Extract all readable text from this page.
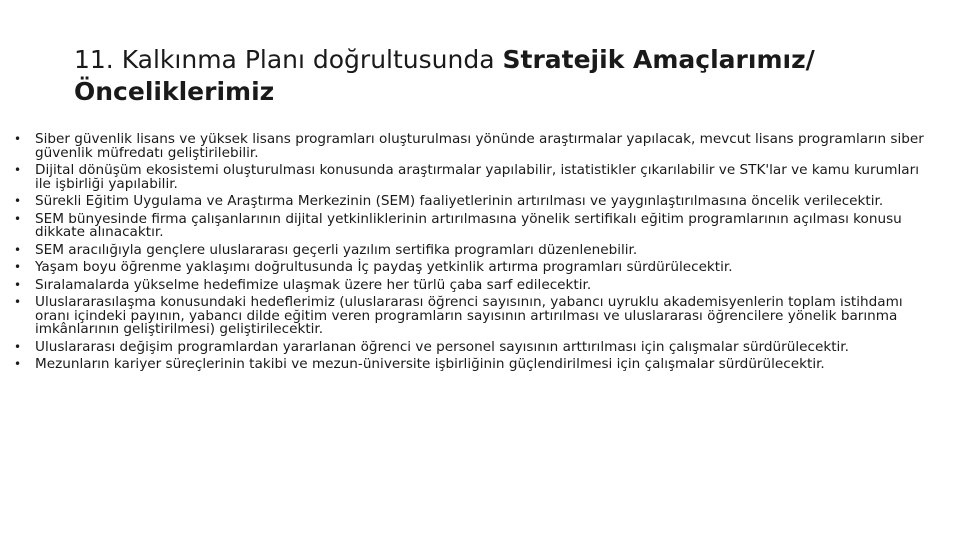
11. Kalkınma Planı doğrultusunda Stratejik Amaçlarımız/Önceliklerimiz
• Siber güvenlik lisans ve yüksek lisans programları oluşturulması yönünde araştırmalar yapılacak, mevcut lisans programların siber güvenlik müfredatı geliştirilebilir.
• Dijital dönüşüm ekosistemi oluşturulması konusunda araştırmalar yapılabilir, istatistikler çıkarılabilir ve STK'lar ve kamu kurumları ile işbirliği yapılabilir.
• Sürekli Eğitim Uygulama ve Araştırma Merkezinin (SEM) faaliyetlerinin artırılması ve yaygınlaştırılmasına öncelik verilecektir.
• SEM bünyesinde firma çalışanlarının dijital yetkinliklerinin artırılmasına yönelik sertifikalı eğitim programlarının açılması konusu dikkate alınacaktır.
• SEM aracılığıyla gençlere uluslararası geçerli yazılım sertifika programları düzenlenebilir.
• Yaşam boyu öğrenme yaklaşımı doğrultusunda İç paydaş yetkinlik artırma programları sürdürülecektir.
• Sıralamalarda yükselme hedefimize ulaşmak üzere her türlü çaba sarf edilecektir.
• Uluslararasılaşma konusundaki hedeflerimiz (uluslararası öğrenci sayısının, yabancı uyruklu akademisyenlerin toplam istihdamı oranı içindeki payının, yabancı dilde eğitim veren programların sayısının artırılması ve uluslararası öğrencilere yönelik barınma imkânlarının geliştirilmesi) geliştirilecektir.
• Uluslararası değişim programlardan yararlanan öğrenci ve personel sayısının arttırılması için çalışmalar sürdürülecektir.
• Mezunların kariyer süreçlerinin takibi ve mezun-üniversite işbirliğinin güçlendirilmesi için çalışmalar sürdürülecektir.
